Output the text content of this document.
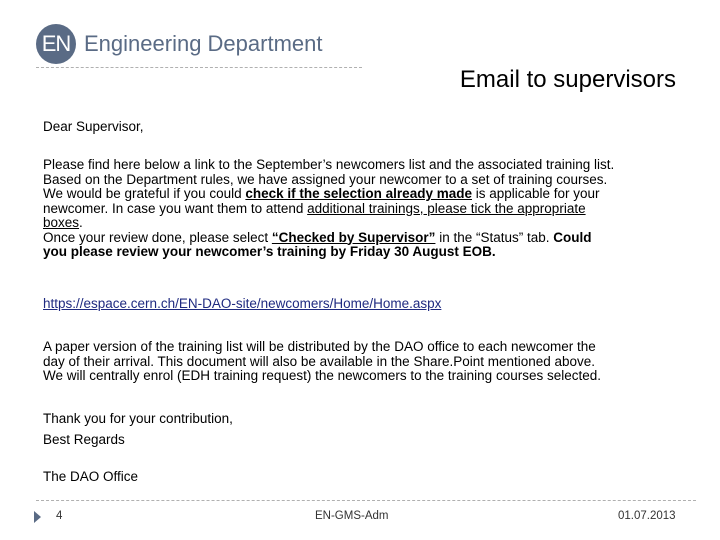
EN Engineering Department
Email to supervisors
Dear Supervisor,
Please find here below a link to the September’s newcomers list and the associated training list.
Based on the Department rules, we have assigned your newcomer to a set of training courses.
We would be grateful if you could check if the selection already made is applicable for your
newcomer. In case you want them to attend additional trainings, please tick the appropriate
boxes.
Once your review done, please select “Checked by Supervisor” in the “Status” tab. Could
you please review your newcomer’s training by Friday 30 August EOB.
https://espace.cern.ch/EN-DAO-site/newcomers/Home/Home.aspx
A paper version of the training list will be distributed by the DAO office to each newcomer the
day of their arrival. This document will also be available in the Share.Point mentioned above.
We will centrally enrol (EDH training request) the newcomers to the training courses selected.
Thank you for your contribution,
Best Regards
The DAO Office
4	EN-GMS-Adm	01.07.2013
